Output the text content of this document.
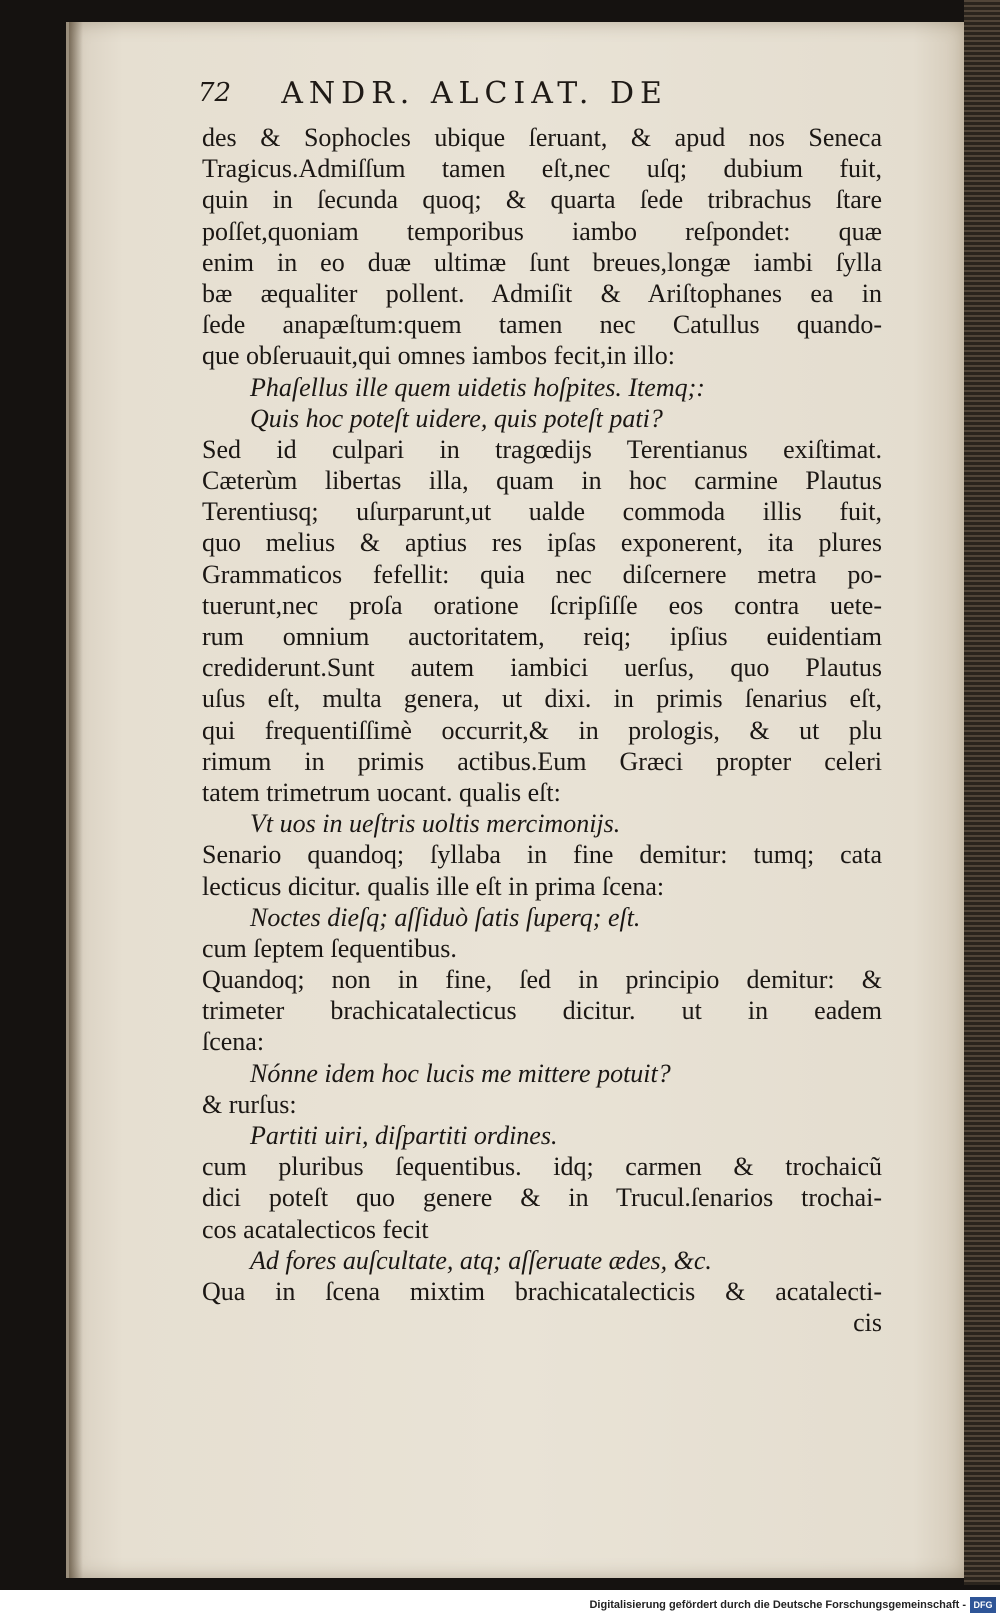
72	ANDR. ALCIAT. DE
des & Sophocles ubique ſeruant, & apud nos Seneca
Tragicus.Admiſſum tamen eſt,nec uſq; dubium fuit,
quin in ſecunda quoq; & quarta ſede tribrachus ſtare
poſſet,quoniam temporibus iambo reſpondet: quæ
enim in eo duæ ultimæ ſunt breues,longæ iambi ſylla
bæ æqualiter pollent. Admiſit & Ariſtophanes ea in
ſede anapæſtum:quem tamen nec Catullus quando-
que obſeruauit,qui omnes iambos fecit,in illo:
Phaſellus ille quem uidetis hoſpites. Itemq;:
Quis hoc poteſt uidere, quis poteſt pati?
Sed id culpari in tragœdijs Terentianus exiſtimat.
Cæterùm libertas illa, quam in hoc carmine Plautus
Terentiusq; uſurparunt,ut ualde commoda illis fuit,
quo melius & aptius res ipſas exponerent, ita plures
Grammaticos fefellit: quia nec diſcernere metra po-
tuerunt,nec proſa oratione ſcripſiſſe eos contra uete-
rum omnium auctoritatem, reiq; ipſius euidentiam
crediderunt.Sunt autem iambici uerſus, quo Plautus
uſus eſt, multa genera, ut dixi. in primis ſenarius eſt,
qui frequentiſſimè occurrit,& in prologis, & ut plu
rimum in primis actibus.Eum Græci propter celeri
tatem trimetrum uocant. qualis eſt:
Vt uos in ueſtris uoltis mercimonijs.
Senario quandoq; ſyllaba in fine demitur: tumq; cata
lecticus dicitur. qualis ille eſt in prima ſcena:
Noctes dieſq; aſſiduò ſatis ſuperq; eſt.
cum ſeptem ſequentibus.
Quandoq; non in fine, ſed in principio demitur: &
trimeter brachicatalecticus dicitur. ut in eadem
ſcena:
Nónne idem hoc lucis me mittere potuit?
& rurſus:
Partiti uiri, diſpartiti ordines.
cum pluribus ſequentibus. idq; carmen & trochaicũ
dici poteſt quo genere & in Trucul.ſenarios trochai-
cos acatalecticos fecit
Ad fores auſcultate, atq; aſſeruate ædes, &c.
Qua in ſcena mixtim brachicatalecticis & acatalecti-
cis
Digitalisierung gefördert durch die Deutsche Forschungsgemeinschaft - DFG
